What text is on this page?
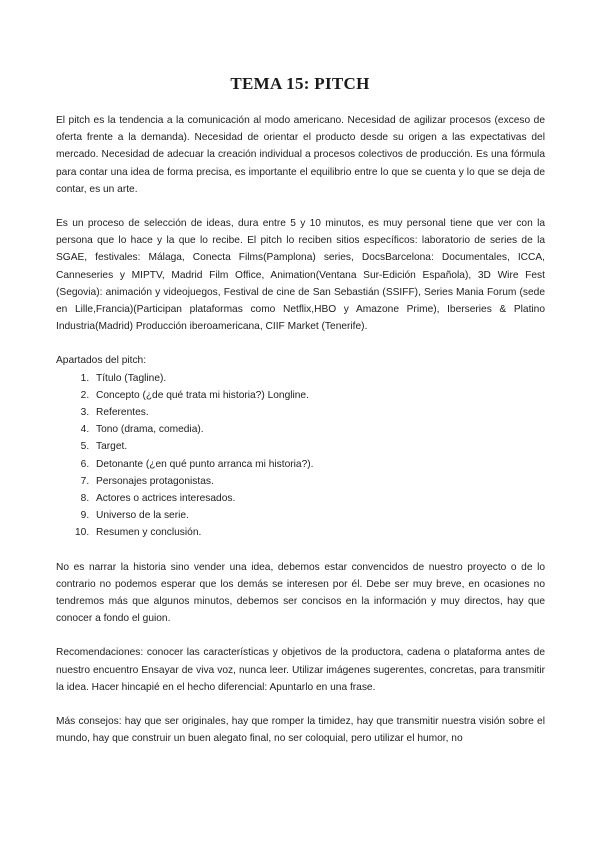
TEMA 15: PITCH

El pitch es la tendencia a la comunicación al modo americano. Necesidad de agilizar procesos (exceso de oferta frente a la demanda). Necesidad de orientar el producto desde su origen a las expectativas del mercado. Necesidad de adecuar la creación individual a procesos colectivos de producción. Es una fórmula para contar una idea de forma precisa, es importante el equilibrio entre lo que se cuenta y lo que se deja de contar, es un arte.

Es un proceso de selección de ideas, dura entre 5 y 10 minutos, es muy personal tiene que ver con la persona que lo hace y la que lo recibe. El pitch lo reciben sitios específicos: laboratorio de series de la SGAE, festivales: Málaga, Conecta Films(Pamplona) series, DocsBarcelona: Documentales, ICCA, Canneseries y MIPTV, Madrid Film Office, Animation(Ventana Sur-Edición Española), 3D Wire Fest (Segovia): animación y videojuegos, Festival de cine de San Sebastián (SSIFF), Series Mania Forum (sede en Lille,Francia)(Participan plataformas como Netflix,HBO y Amazone Prime), Iberseries & Platino Industria(Madrid) Producción iberoamericana, CIIF Market (Tenerife).

Apartados del pitch:

1. Título (Tagline).
2. Concepto (¿de qué trata mi historia?) Longline.
3. Referentes.
4. Tono (drama, comedia).
5. Target.
6. Detonante (¿en qué punto arranca mi historia?).
7. Personajes protagonistas.
8. Actores o actrices interesados.
9. Universo de la serie.
10. Resumen y conclusión.

No es narrar la historia sino vender una idea, debemos estar convencidos de nuestro proyecto o de lo contrario no podemos esperar que los demás se interesen por él. Debe ser muy breve, en ocasiones no tendremos más que algunos minutos, debemos ser concisos en la información y muy directos, hay que conocer a fondo el guion.

Recomendaciones: conocer las características y objetivos de la productora, cadena o plataforma antes de nuestro encuentro Ensayar de viva voz, nunca leer. Utilizar imágenes sugerentes, concretas, para transmitir la idea. Hacer hincapié en el hecho diferencial: Apuntarlo en una frase.

Más consejos: hay que ser originales, hay que romper la timidez, hay que transmitir nuestra visión sobre el mundo, hay que construir un buen alegato final, no ser coloquial, pero utilizar el humor, no
